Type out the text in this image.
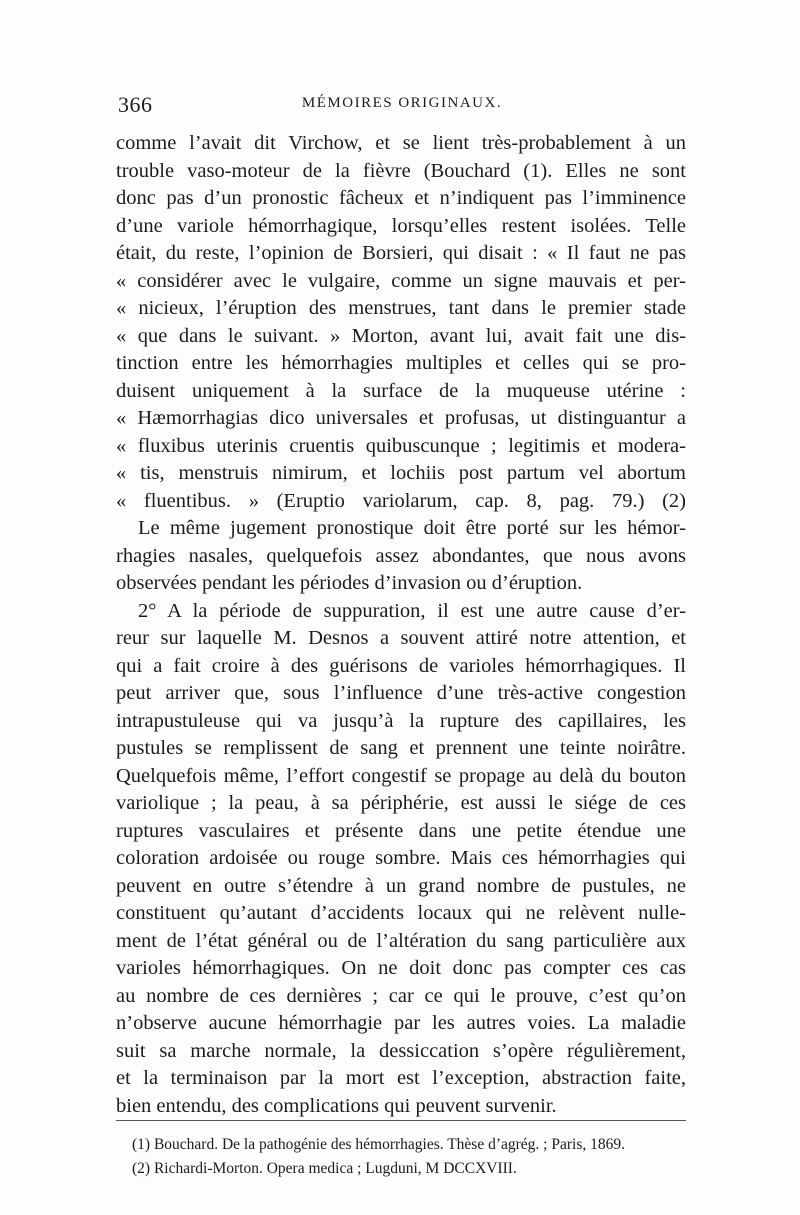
366	MÉMOIRES ORIGINAUX.
comme l’avait dit Virchow, et se lient très-probablement à un
trouble vaso-moteur de la fièvre (Bouchard (1). Elles ne sont
donc pas d’un pronostic fâcheux et n’indiquent pas l’imminence
d’une variole hémorrhagique, lorsqu’elles restent isolées. Telle
était, du reste, l’opinion de Borsieri, qui disait : « Il faut ne pas
« considérer avec le vulgaire, comme un signe mauvais et per-
« nicieux, l’éruption des menstrues, tant dans le premier stade
« que dans le suivant. » Morton, avant lui, avait fait une dis-
tinction entre les hémorrhagies multiples et celles qui se pro-
duisent uniquement à la surface de la muqueuse utérine :
« Hæmorrhagias dico universales et profusas, ut distinguantur a
« fluxibus uterinis cruentis quibuscunque ; legitimis et modera-
« tis, menstruis nimirum, et lochiis post partum vel abortum
« fluentibus. » (Eruptio variolarum, cap. 8, pag. 79.) (2)
Le même jugement pronostique doit être porté sur les hémor-
rhagies nasales, quelquefois assez abondantes, que nous avons
observées pendant les périodes d’invasion ou d’éruption.
2° A la période de suppuration, il est une autre cause d’er-
reur sur laquelle M. Desnos a souvent attiré notre attention, et
qui a fait croire à des guérisons de varioles hémorrhagiques. Il
peut arriver que, sous l’influence d’une très-active congestion
intrapustuleuse qui va jusqu’à la rupture des capillaires, les
pustules se remplissent de sang et prennent une teinte noirâtre.
Quelquefois même, l’effort congestif se propage au delà du bouton
variolique ; la peau, à sa périphérie, est aussi le siége de ces
ruptures vasculaires et présente dans une petite étendue une
coloration ardoisée ou rouge sombre. Mais ces hémorrhagies qui
peuvent en outre s’étendre à un grand nombre de pustules, ne
constituent qu’autant d’accidents locaux qui ne relèvent nulle-
ment de l’état général ou de l’altération du sang particulière aux
varioles hémorrhagiques. On ne doit donc pas compter ces cas
au nombre de ces dernières ; car ce qui le prouve, c’est qu’on
n’observe aucune hémorrhagie par les autres voies. La maladie
suit sa marche normale, la dessiccation s’opère régulièrement,
et la terminaison par la mort est l’exception, abstraction faite,
bien entendu, des complications qui peuvent survenir.
(1) Bouchard. De la pathogénie des hémorrhagies. Thèse d’agrég. ; Paris, 1869.
(2) Richardi-Morton. Opera medica ; Lugduni, M DCCXVIII.
